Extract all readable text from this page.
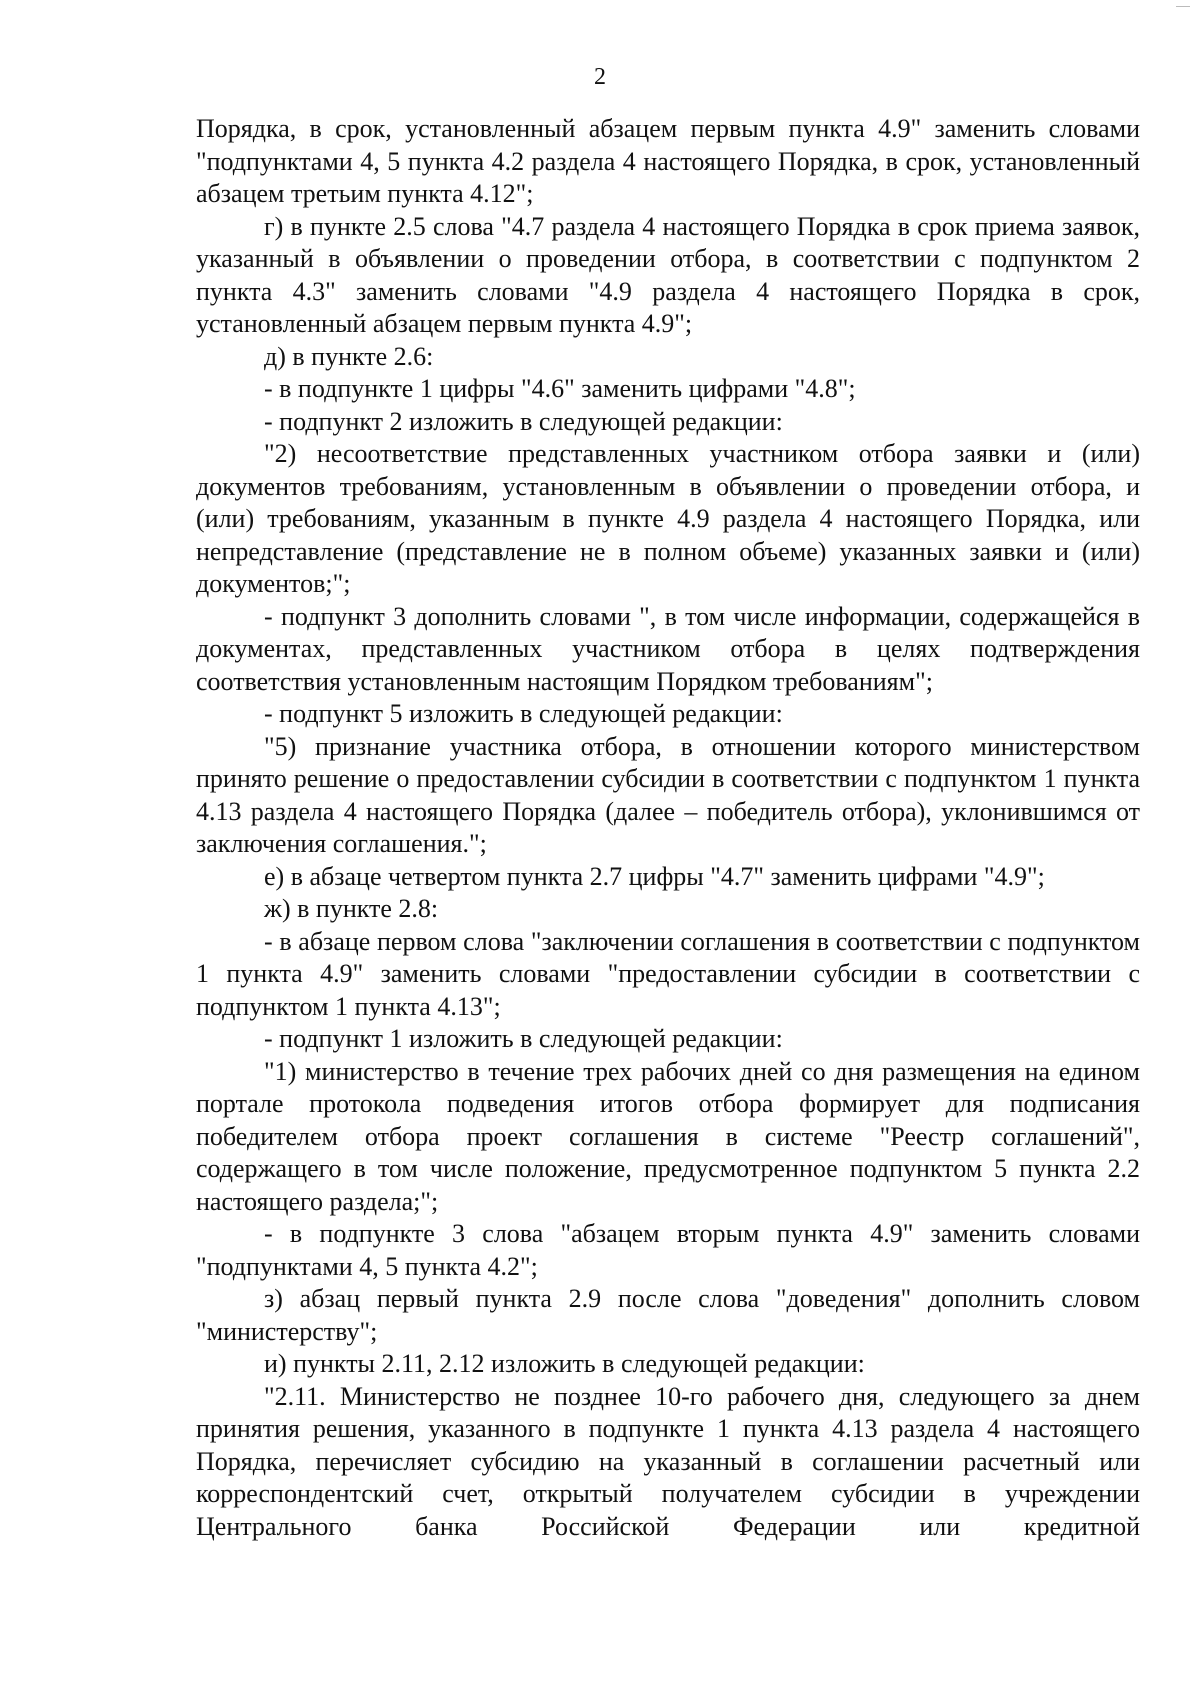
2

Порядка, в срок, установленный абзацем первым пункта 4.9" заменить словами "подпунктами 4, 5 пункта 4.2 раздела 4 настоящего Порядка, в срок, установленный абзацем третьим пункта 4.12";

г) в пункте 2.5 слова "4.7 раздела 4 настоящего Порядка в срок приема заявок, указанный в объявлении о проведении отбора, в соответствии с подпунктом 2 пункта 4.3" заменить словами "4.9 раздела 4 настоящего Порядка в срок, установленный абзацем первым пункта 4.9";

д) в пункте 2.6:

- в подпункте 1 цифры "4.6" заменить цифрами "4.8";

- подпункт 2 изложить в следующей редакции:

"2) несоответствие представленных участником отбора заявки и (или) документов требованиям, установленным в объявлении о проведении отбора, и (или) требованиям, указанным в пункте 4.9 раздела 4 настоящего Порядка, или непредставление (представление не в полном объеме) указанных заявки и (или) документов;";

- подпункт 3 дополнить словами ", в том числе информации, содержащейся в документах, представленных участником отбора в целях подтверждения соответствия установленным настоящим Порядком требованиям";

- подпункт 5 изложить в следующей редакции:

"5) признание участника отбора, в отношении которого министерством принято решение о предоставлении субсидии в соответствии с подпунктом 1 пункта 4.13 раздела 4 настоящего Порядка (далее – победитель отбора), уклонившимся от заключения соглашения.";

е) в абзаце четвертом пункта 2.7 цифры "4.7" заменить цифрами "4.9";

ж) в пункте 2.8:

- в абзаце первом слова "заключении соглашения в соответствии с подпунктом 1 пункта 4.9" заменить словами "предоставлении субсидии в соответствии с подпунктом 1 пункта 4.13";

- подпункт 1 изложить в следующей редакции:

"1) министерство в течение трех рабочих дней со дня размещения на едином портале протокола подведения итогов отбора формирует для подписания победителем отбора проект соглашения в системе "Реестр соглашений", содержащего в том числе положение, предусмотренное подпунктом 5 пункта 2.2 настоящего раздела;";

- в подпункте 3 слова "абзацем вторым пункта 4.9" заменить словами "подпунктами 4, 5 пункта 4.2";

з) абзац первый пункта 2.9 после слова "доведения" дополнить словом "министерству";

и) пункты 2.11, 2.12 изложить в следующей редакции:

"2.11. Министерство не позднее 10-го рабочего дня, следующего за днем принятия решения, указанного в подпункте 1 пункта 4.13 раздела 4 настоящего Порядка, перечисляет субсидию на указанный в соглашении расчетный или корреспондентский счет, открытый получателем субсидии в учреждении Центрального банка Российской Федерации или кредитной
